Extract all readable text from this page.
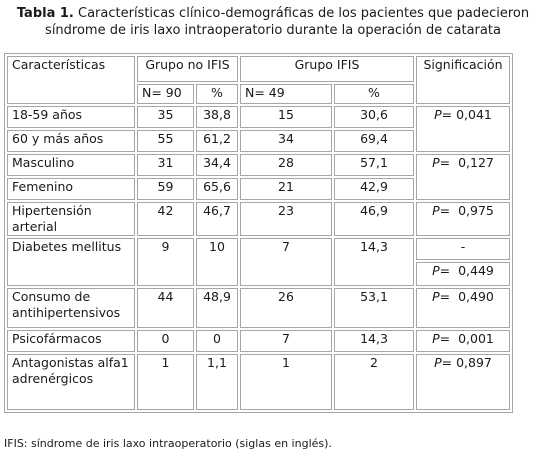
Tabla 1. Características clínico-demográficas de los pacientes que padecieron
síndrome de iris laxo intraoperatorio durante la operación de catarata
Características	Grupo no IFIS		Grupo IFIS		Significación
	N= 90	%	N= 49	%	
18-59 años	35	38,8	15	30,6	P= 0,041
60 y más años	55	61,2	34	69,4	
Masculino	31	34,4	28	57,1	P=  0,127
Femenino	59	65,6	21	42,9	
Hipertensión arterial	42	46,7	23	46,9	P=  0,975
Diabetes mellitus	9	10	7	14,3	-
					P=  0,449
Consumo de antihipertensivos	44	48,9	26	53,1	P=  0,490
Psicofármacos	0	0	7	14,3	P=  0,001
Antagonistas alfa1 adrenérgicos	1	1,1	1	2	P= 0,897
IFIS: síndrome de iris laxo intraoperatorio (siglas en inglés).
